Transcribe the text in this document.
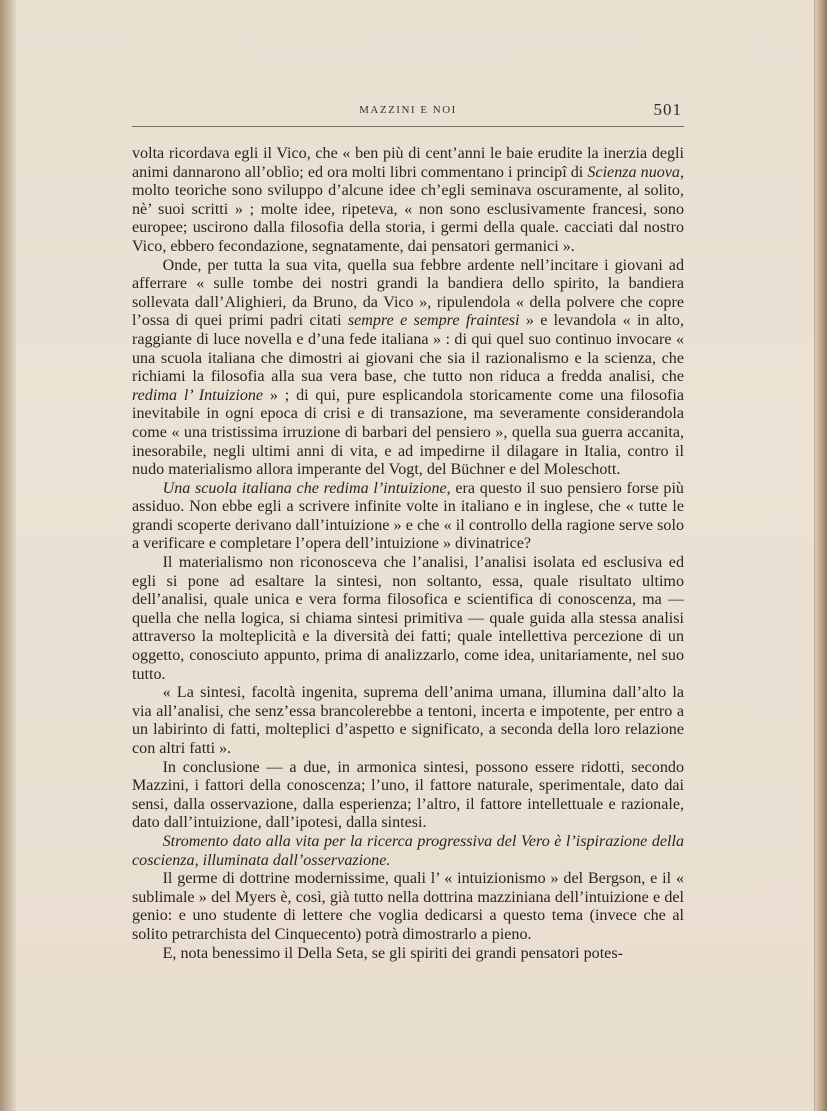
MAZZINI E NOI	501

volta ricordava egli il Vico, che « ben più di cent’anni le baie erudite la inerzia degli animi dannarono all’oblìo; ed ora molti libri commentano i principî di Scienza nuova, molto teoriche sono sviluppo d’alcune idee ch’egli seminava oscuramente, al solito, nè’ suoi scritti » ; molte idee, ripeteva, « non sono esclusivamente francesi, sono europee; uscirono dalla filosofia della storia, i germi della quale. cacciati dal nostro Vico, ebbero fecondazione, segnatamente, dai pensatori germanici ».

Onde, per tutta la sua vita, quella sua febbre ardente nell’incitare i giovani ad afferrare « sulle tombe dei nostri grandi la bandiera dello spirito, la bandiera sollevata dall’Alighieri, da Bruno, da Vico », ripulendola « della polvere che copre l’ossa di quei primi padri citati sempre e sempre fraintesi » e levandola « in alto, raggiante di luce novella e d’una fede italiana » : di qui quel suo continuo invocare « una scuola italiana che dimostri ai giovani che sia il razionalismo e la scienza, che richiami la filosofia alla sua vera base, che tutto non riduca a fredda analisi, che redima l’ Intuizione » ; di qui, pure esplicandola storicamente come una filosofia inevitabile in ogni epoca di crisi e di transazione, ma severamente considerandola come « una tristissima irruzione di barbari del pensiero », quella sua guerra accanita, inesorabile, negli ultimi anni di vita, e ad impedirne il dilagare in Italia, contro il nudo materialismo allora imperante del Vogt, del Büchner e del Moleschott.

Una scuola italiana che redima l’intuizione, era questo il suo pensiero forse più assiduo. Non ebbe egli a scrivere infinite volte in italiano e in inglese, che « tutte le grandi scoperte derivano dall’intuizione » e che « il controllo della ragione serve solo a verificare e completare l’opera dell’intuizione » divinatrice?

Il materialismo non riconosceva che l’analisi, l’analisi isolata ed esclusiva ed egli si pone ad esaltare la sintesi, non soltanto, essa, quale risultato ultimo dell’analisi, quale unica e vera forma filosofica e scientifica di conoscenza, ma — quella che nella logica, si chiama sintesi primitiva — quale guida alla stessa analisi attraverso la molteplicità e la diversità dei fatti; quale intellettiva percezione di un oggetto, conosciuto appunto, prima di analizzarlo, come idea, unitariamente, nel suo tutto.

« La sintesi, facoltà ingenita, suprema dell’anima umana, illumina dall’alto la via all’analisi, che senz’essa brancolerebbe a tentoni, incerta e impotente, per entro a un labirinto di fatti, molteplici d’aspetto e significato, a seconda della loro relazione con altri fatti ».

In conclusione — a due, in armonica sintesi, possono essere ridotti, secondo Mazzini, i fattori della conoscenza; l’uno, il fattore naturale, sperimentale, dato dai sensi, dalla osservazione, dalla esperienza; l’altro, il fattore intellettuale e razionale, dato dall’intuizione, dall’ipotesi, dalla sintesi.

Stromento dato alla vita per la ricerca progressiva del Vero è l’ispirazione della coscienza, illuminata dall’osservazione.

Il germe di dottrine modernissime, quali l’ « intuizionismo » del Bergson, e il « sublimale » del Myers è, così, già tutto nella dottrina mazziniana dell’intuizione e del genio: e uno studente di lettere che voglia dedicarsi a questo tema (invece che al solito petrarchista del Cinquecento) potrà dimostrarlo a pieno.

E, nota benessimo il Della Seta, se gli spiriti dei grandi pensatori potes-
